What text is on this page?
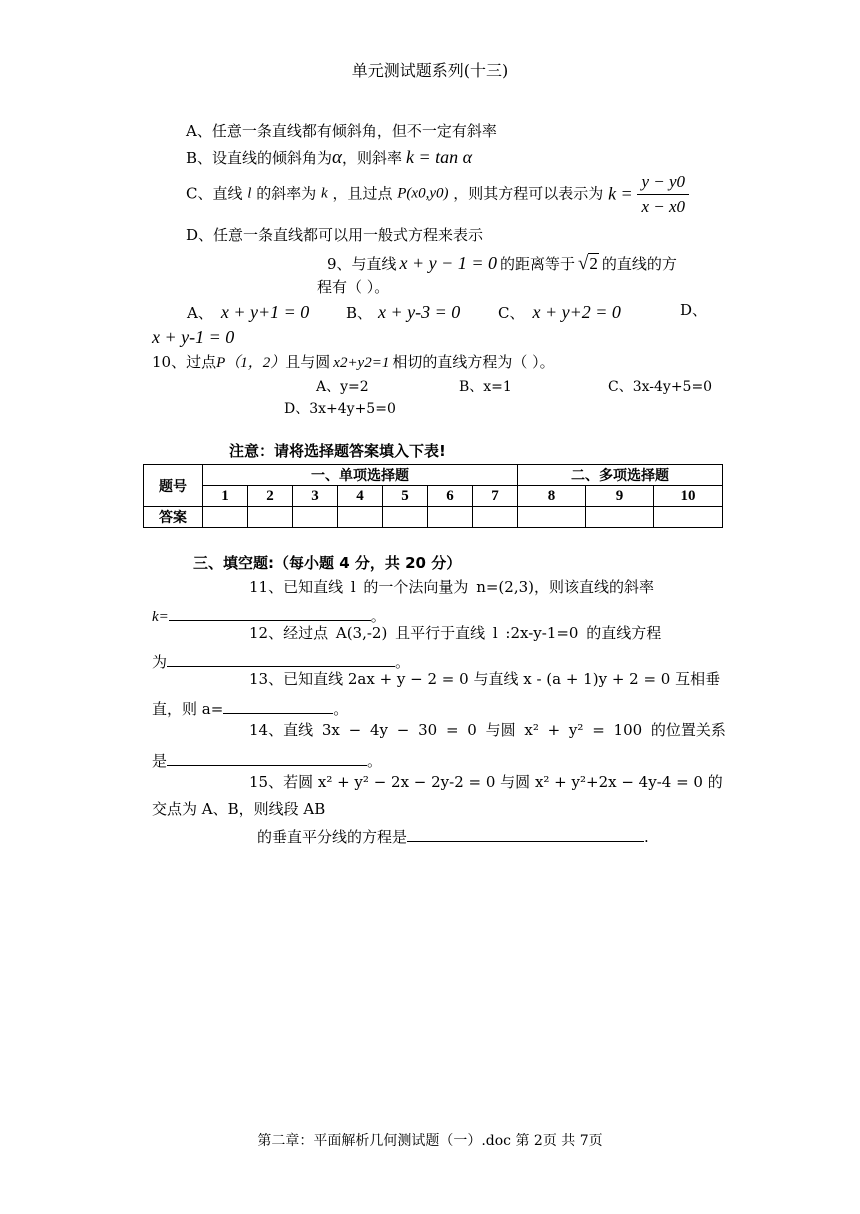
单元测试题系列(十三)
A、任意一条直线都有倾斜角，但不一定有斜率
B、设直线的倾斜角为α，则斜率 k = tan α
C、直线 l 的斜率为 k ，且过点 P(x0,y0) ，则其方程可以表示为 $k = \frac{y - y0}{x - x0}$
D、任意一条直线都可以用一般式方程来表示
9、与直线 x + y − 1 = 0 的距离等于 √2 的直线的方
程有（ ）。
A、 x + y+1 = 0 B、 x + y-3 = 0	C、 x + y+2 = 0	D、
x + y-1 = 0
10、过点P（1，2）且与圆 x2+y2=1 相切的直线方程为（ ）。
A、y=2	B、x=1	C、3x-4y+5=0
D、3x+4y+5=0
注意：请将选择题答案填入下表!
题号	一、单项选择题							二、多项选择题		
	1	2	3	4	5	6	7	8	9	10
答案										
三、填空题:（每小题 4 分，共 20 分）
11、已知直线 l 的一个法向量为 n=(2,3)，则该直线的斜率
k=	。
12、经过点 A(3,-2) 且平行于直线 l :2x-y-1=0 的直线方程
为	。
13、已知直线 2ax + y − 2 = 0 与直线 x - (a + 1)y + 2 = 0 互相垂
直，则 a=	。
14、直线 3x − 4y − 30 = 0 与圆 x² + y² = 100 的位置关系
是	。
15、若圆 x² + y² − 2x − 2y-2 = 0 与圆 x² + y²+2x − 4y-4 = 0 的
交点为 A、B，则线段 AB
的垂直平分线的方程是	.
第二章：平面解析几何测试题（一）.doc 第 2页 共 7页
